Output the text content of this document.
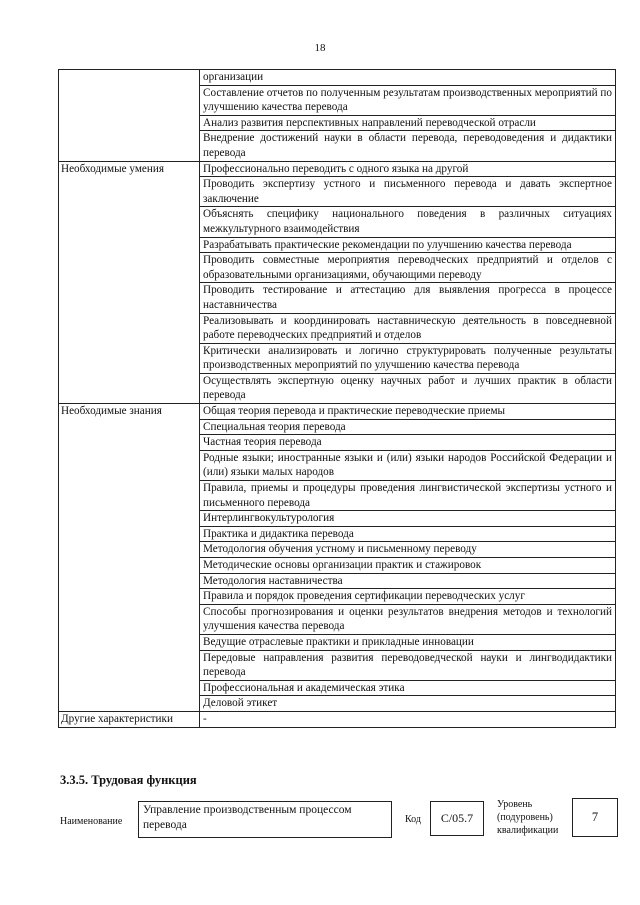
18
	организации
	Составление отчетов по полученным результатам производственных мероприятий по улучшению качества перевода
	Анализ развития перспективных направлений переводческой отрасли
	Внедрение достижений науки в области перевода, переводоведения и дидактики перевода
Необходимые умения	Профессионально переводить с одного языка на другой
	Проводить экспертизу устного и письменного перевода и давать экспертное заключение
	Объяснять специфику национального поведения в различных ситуациях межкультурного взаимодействия
	Разрабатывать практические рекомендации по улучшению качества перевода
	Проводить совместные мероприятия переводческих предприятий и отделов с образовательными организациями, обучающими переводу
	Проводить тестирование и аттестацию для выявления прогресса в процессе наставничества
	Реализовывать и координировать наставническую деятельность в повседневной работе переводческих предприятий и отделов
	Критически анализировать и логично структурировать полученные результаты производственных мероприятий по улучшению качества перевода
	Осуществлять экспертную оценку научных работ и лучших практик в области перевода
Необходимые знания	Общая теория перевода и практические переводческие приемы
	Специальная теория перевода
	Частная теория перевода
	Родные языки; иностранные языки и (или) языки народов Российской Федерации и (или) языки малых народов
	Правила, приемы и процедуры проведения лингвистической экспертизы устного и письменного перевода
	Интерлингвокультурология
	Практика и дидактика перевода
	Методология обучения устному и письменному переводу
	Методические основы организации практик и стажировок
	Методология наставничества
	Правила и порядок проведения сертификации переводческих услуг
	Способы прогнозирования и оценки результатов внедрения методов и технологий улучшения качества перевода
	Ведущие отраслевые практики и прикладные инновации
	Передовые направления развития переводоведческой науки и лингводидактики перевода
	Профессиональная и академическая этика
	Деловой этикет
Другие характеристики	-
3.3.5. Трудовая функция
Наименование
Управление производственным процессом перевода	Код	C/05.7
Уровень
(подуровень)
квалификации
7
